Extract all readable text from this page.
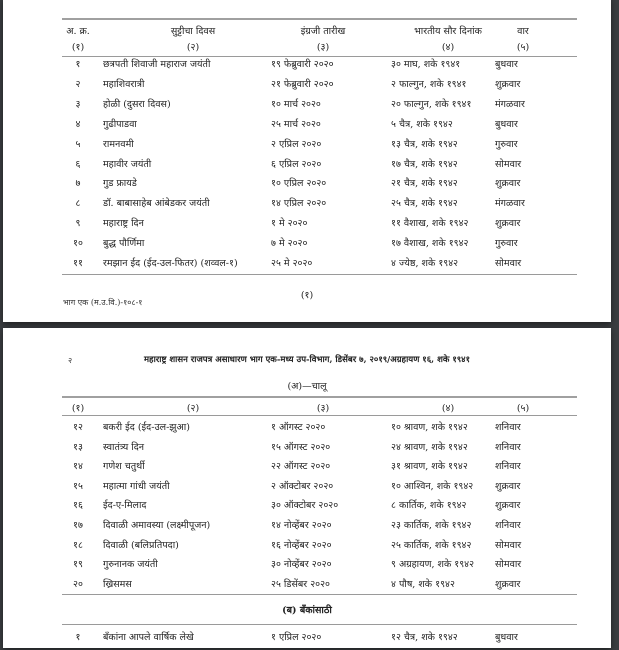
अ. क्र.	सुट्टीचा दिवस	इंग्रजी तारीख	भारतीय सौर दिनांक	वार
(१)	(२)	(३)	(४)	(५)
१	छत्रपती शिवाजी महाराज जयंती	१९ फेब्रुवारी २०२०	३० माघ, शके १९४१	बुधवार
२	महाशिवरात्री	२१ फेब्रुवारी २०२०	२ फाल्गुन, शके १९४१	शुक्रवार
३	होळी (दुसरा दिवस)	१० मार्च २०२०	२० फाल्गुन, शके १९४१ मंगळवार
४	गुढीपाडवा	२५ मार्च २०२०	५ चैत्र, शके १९४२	बुधवार
५	रामनवमी	२ एप्रिल २०२०	१३ चैत्र, शके १९४२	गुरुवार
६	महावीर जयंती	६ एप्रिल २०२०	१७ चैत्र, शके १९४२	सोमवार
७	गुड फ्रायडे	१० एप्रिल २०२०	२१ चैत्र, शके १९४२	शुक्रवार
८	डॉ. बाबासाहेब आंबेडकर जयंती	१४ एप्रिल २०२०	२५ चैत्र, शके १९४२	मंगळवार
९	महाराष्ट्र दिन	१ मे २०२०	११ वैशाख, शके १९४२	शुक्रवार
१०	बुद्ध पौर्णिमा	७ मे २०२०	१७ वैशाख, शके १९४२	गुरुवार
११	रमझान ईद (ईद-उल-फितर) (शव्वल-१)	२५ मे २०२०	४ ज्येष्ठ, शके १९४२	सोमवार
(१)
भाग एक (म.उ.वि.)-१०८-१
२	महाराष्ट्र शासन राजपत्र असाधारण भाग एक-मध्य उप-विभाग, डिसेंबर ७, २०१९/अग्रहायण १६, शके १९४१
(अ)—चालू
(१)	(२)	(३)	(४)	(५)
१२	बकरी ईद (ईद-उल-झुआ)	१ ऑगस्ट २०२०	१० श्रावण, शके १९४२	शनिवार
१३	स्वातंत्र्य दिन	१५ ऑगस्ट २०२०	२४ श्रावण, शके १९४२	शनिवार
१४	गणेश चतुर्थी	२२ ऑगस्ट २०२०	३१ श्रावण, शके १९४२	शनिवार
१५	महात्मा गांधी जयंती	२ ऑक्टोबर २०२०	१० आश्विन, शके १९४२ शुक्रवार
१६	ईद-ए-मिलाद	३० ऑक्टोबर २०२०	८ कार्तिक, शके १९४२	शुक्रवार
१७	दिवाळी अमावस्या (लक्ष्मीपूजन)	१४ नोव्हेंबर २०२०	२३ कार्तिक, शके १९४२ शनिवार
१८	दिवाळी (बलिप्रतिपदा)	१६ नोव्हेंबर २०२०	२५ कार्तिक, शके १९४२ सोमवार
१९	गुरुनानक जयंती	३० नोव्हेंबर २०२०	९ अग्रहायण, शके १९४२ सोमवार
२०	ख्रिसमस	२५ डिसेंबर २०२०	४ पौष, शके १९४२	शुक्रवार
(ब) बँकांसाठी
१	बँकांना आपले वार्षिक लेखे	१ एप्रिल २०२०	१२ चैत्र, शके १९४२	बुधवार
